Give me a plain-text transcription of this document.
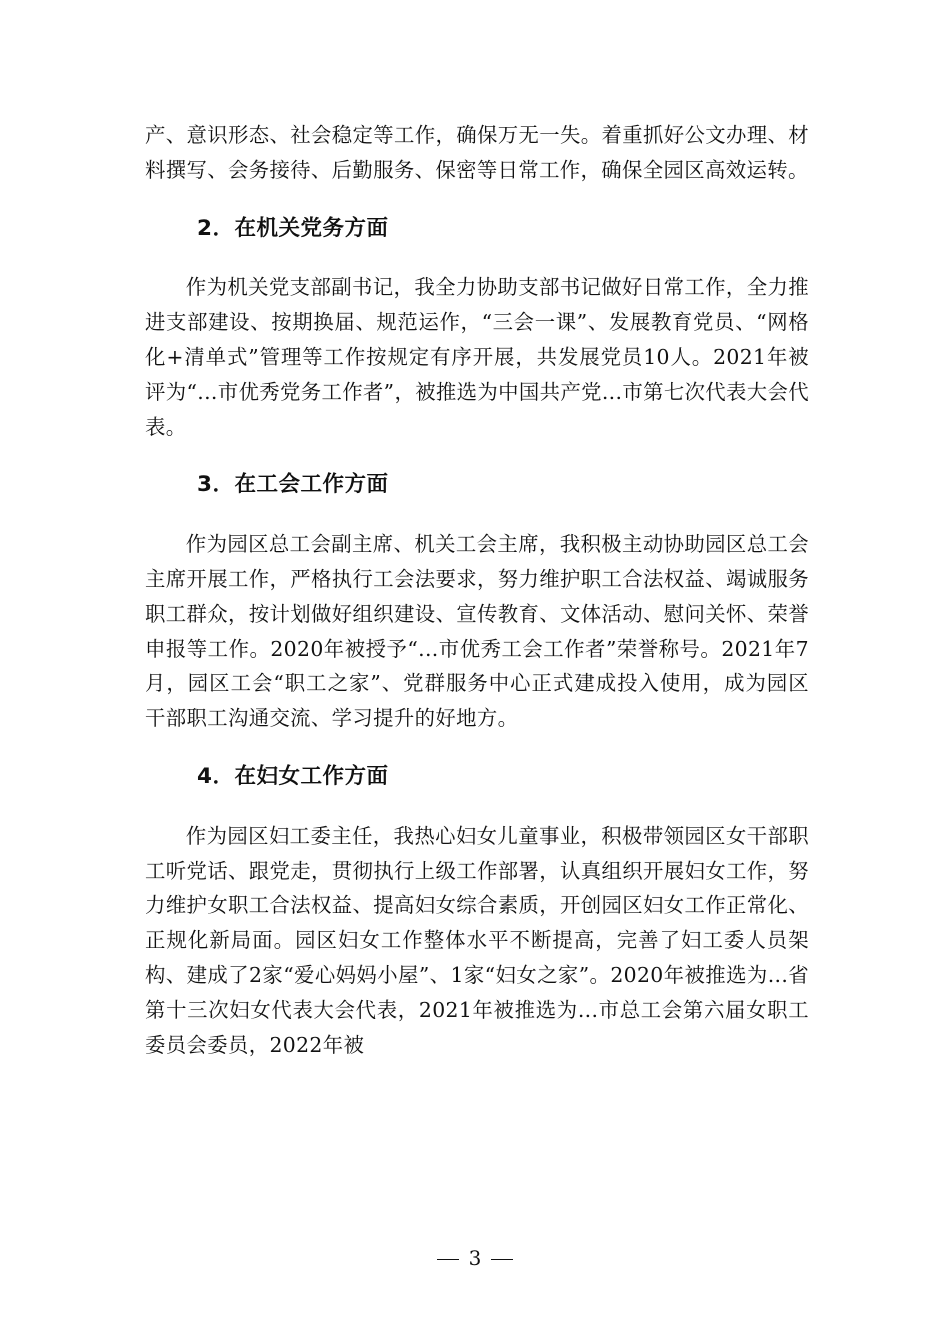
产、意识形态、社会稳定等工作，确保万无一失。着重抓好公文办理、材料撰写、会务接待、后勤服务、保密等日常工作，确保全园区高效运转。

2．在机关党务方面

作为机关党支部副书记，我全力协助支部书记做好日常工作，全力推进支部建设、按期换届、规范运作，“三会一课”、发展教育党员、“网格化+清单式”管理等工作按规定有序开展，共发展党员10人。2021年被评为“...市优秀党务工作者”，被推选为中国共产党...市第七次代表大会代表。

3．在工会工作方面

作为园区总工会副主席、机关工会主席，我积极主动协助园区总工会主席开展工作，严格执行工会法要求，努力维护职工合法权益、竭诚服务职工群众，按计划做好组织建设、宣传教育、文体活动、慰问关怀、荣誉申报等工作。2020年被授予“...市优秀工会工作者”荣誉称号。2021年7月，园区工会“职工之家”、党群服务中心正式建成投入使用，成为园区干部职工沟通交流、学习提升的好地方。

4．在妇女工作方面

作为园区妇工委主任，我热心妇女儿童事业，积极带领园区女干部职工听党话、跟党走，贯彻执行上级工作部署，认真组织开展妇女工作，努力维护女职工合法权益、提高妇女综合素质，开创园区妇女工作正常化、正规化新局面。园区妇女工作整体水平不断提高，完善了妇工委人员架构、建成了2家“爱心妈妈小屋”、1家“妇女之家”。2020年被推选为...省第十三次妇女代表大会代表，2021年被推选为...市总工会第六届女职工委员会委员，2022年被

3
